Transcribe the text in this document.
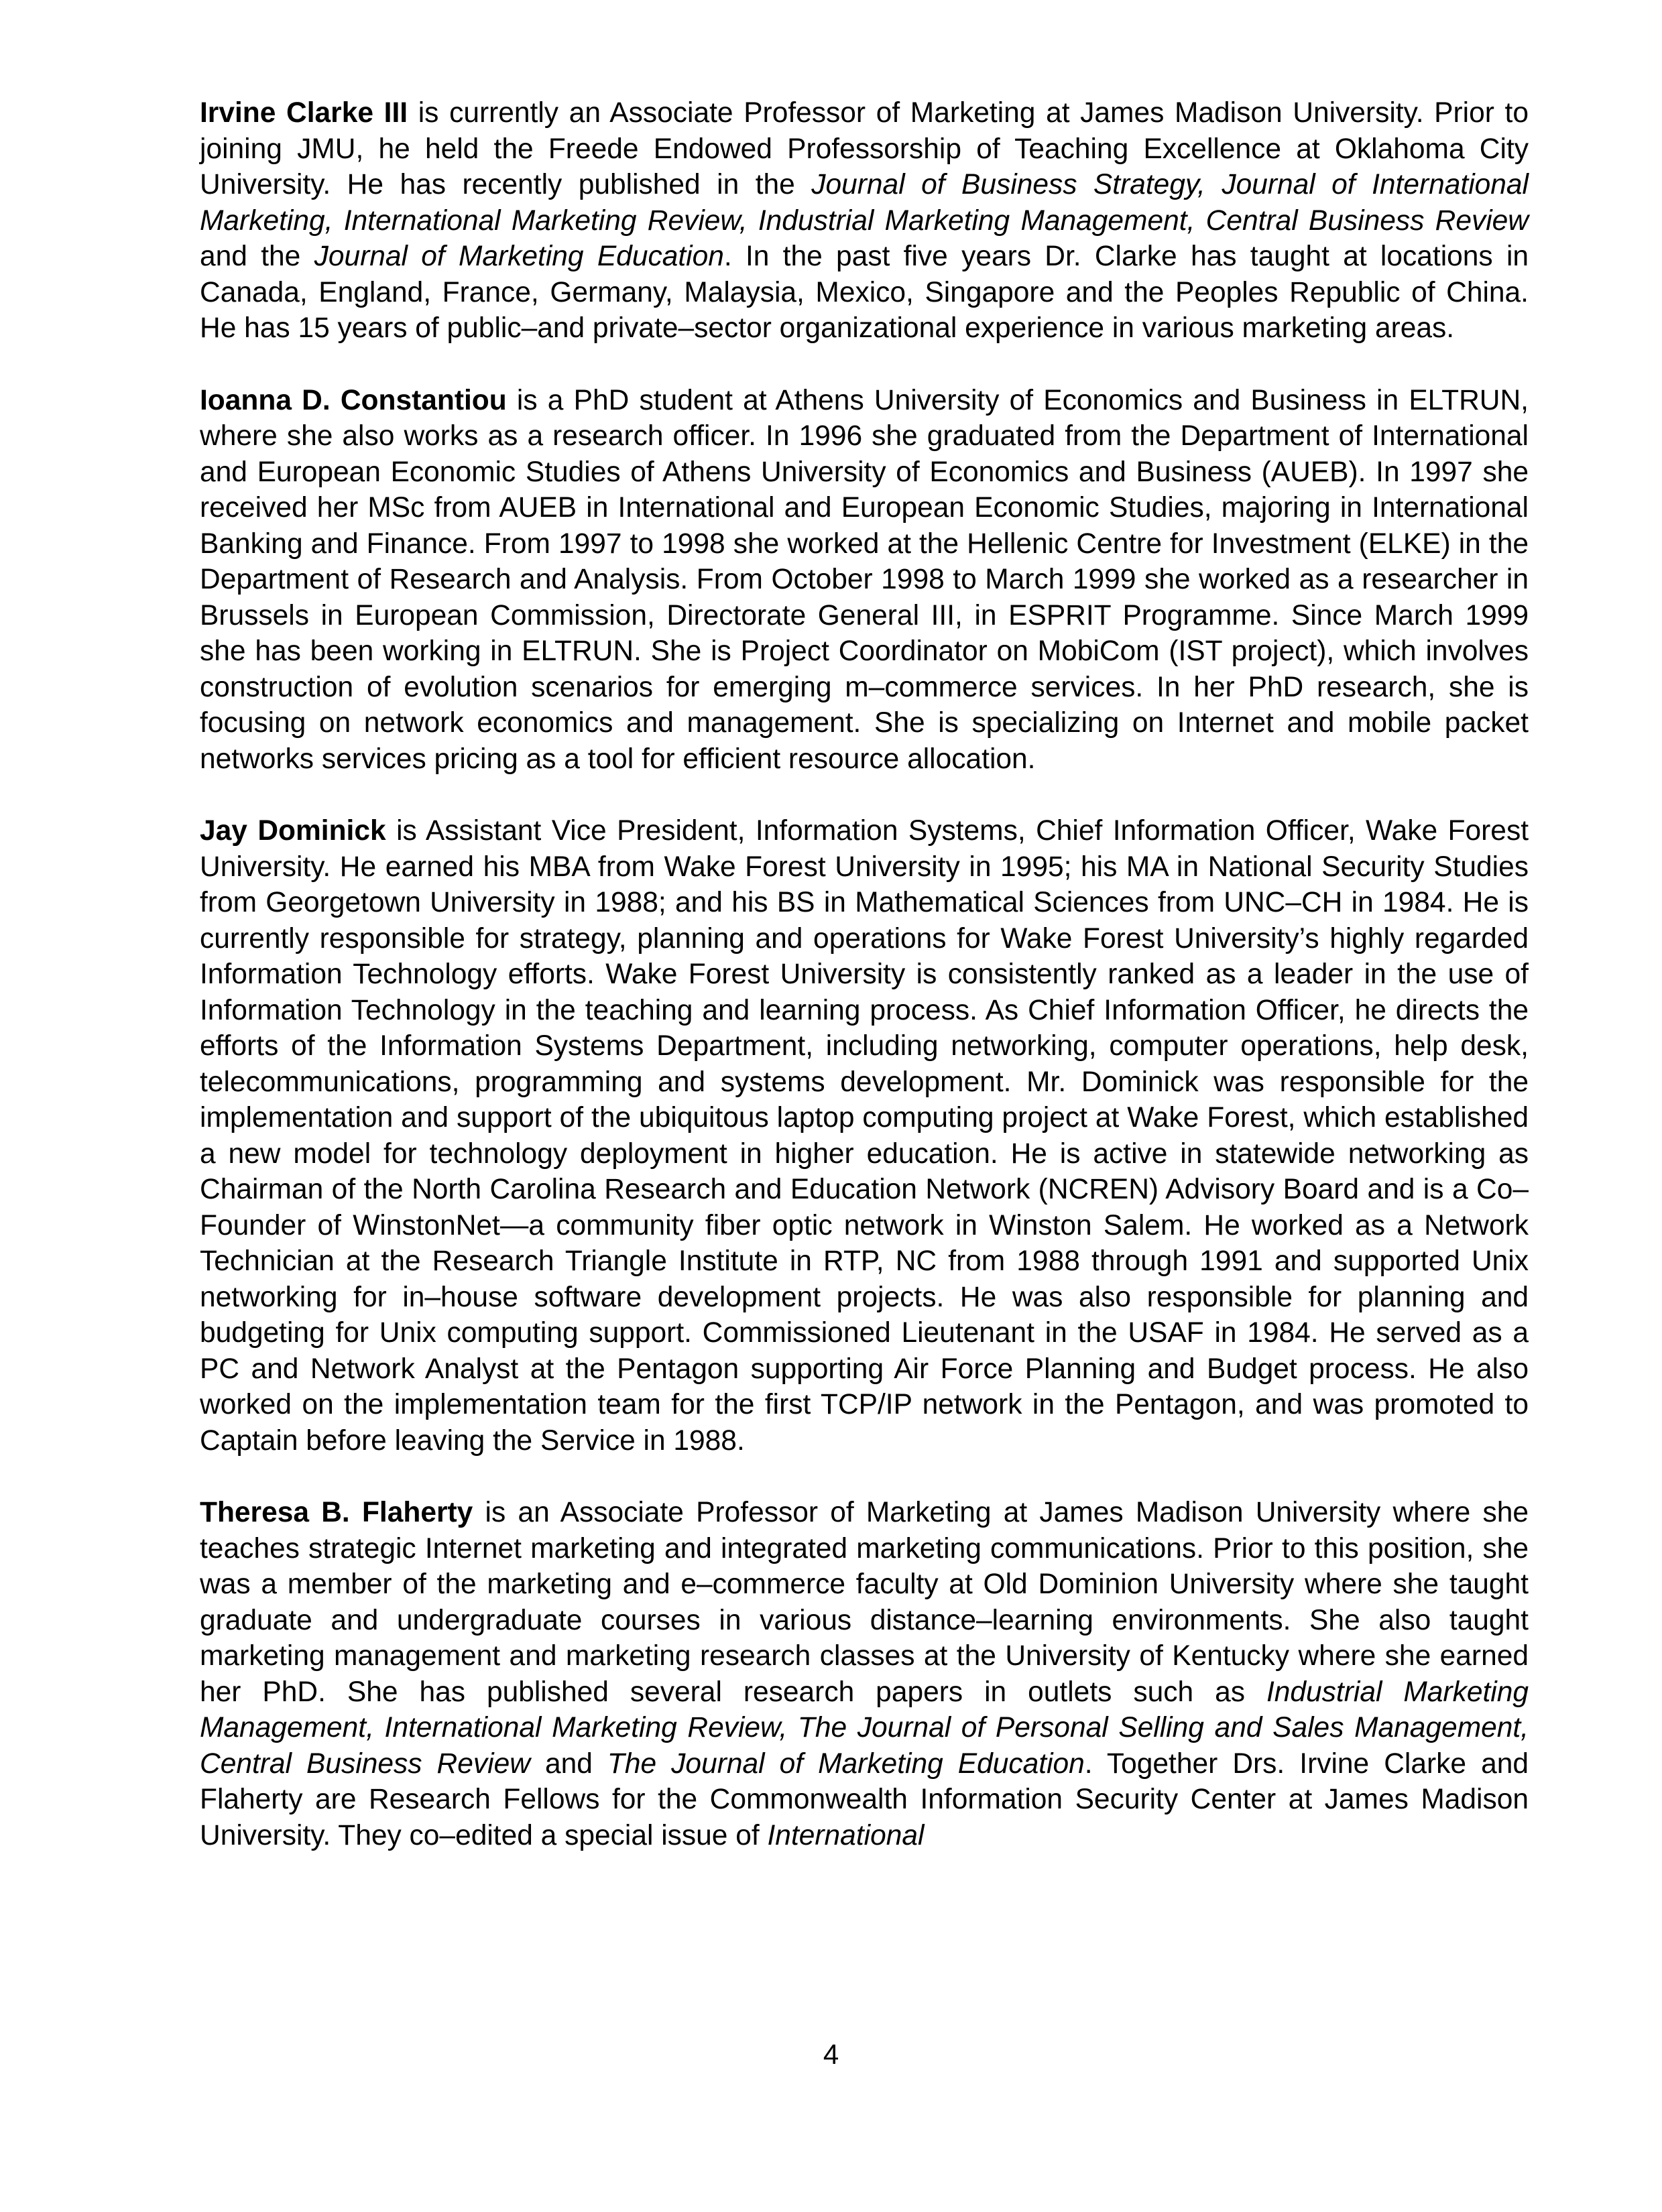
Irvine Clarke III is currently an Associate Professor of Marketing at James Madison University. Prior to joining JMU, he held the Freede Endowed Professorship of Teaching Excellence at Oklahoma City University. He has recently published in the Journal of Business Strategy, Journal of International Marketing, International Marketing Review, Industrial Marketing Management, Central Business Review and the Journal of Marketing Education. In the past five years Dr. Clarke has taught at locations in Canada, England, France, Germany, Malaysia, Mexico, Singapore and the Peoples Republic of China. He has 15 years of public–and private–sector organizational experience in various marketing areas.

Ioanna D. Constantiou is a PhD student at Athens University of Economics and Business in ELTRUN, where she also works as a research officer. In 1996 she graduated from the Department of International and European Economic Studies of Athens University of Economics and Business (AUEB). In 1997 she received her MSc from AUEB in International and European Economic Studies, majoring in International Banking and Finance. From 1997 to 1998 she worked at the Hellenic Centre for Investment (ELKE) in the Department of Research and Analysis. From October 1998 to March 1999 she worked as a researcher in Brussels in European Commission, Directorate General III, in ESPRIT Programme. Since March 1999 she has been working in ELTRUN. She is Project Coordinator on MobiCom (IST project), which involves construction of evolution scenarios for emerging m–commerce services. In her PhD research, she is focusing on network economics and management. She is specializing on Internet and mobile packet networks services pricing as a tool for efficient resource allocation.

Jay Dominick is Assistant Vice President, Information Systems, Chief Information Officer, Wake Forest University. He earned his MBA from Wake Forest University in 1995; his MA in National Security Studies from Georgetown University in 1988; and his BS in Mathematical Sciences from UNC–CH in 1984. He is currently responsible for strategy, planning and operations for Wake Forest University’s highly regarded Information Technology efforts. Wake Forest University is consistently ranked as a leader in the use of Information Technology in the teaching and learning process. As Chief Information Officer, he directs the efforts of the Information Systems Department, including networking, computer operations, help desk, telecommunications, programming and systems development. Mr. Dominick was responsible for the implementation and support of the ubiquitous laptop computing project at Wake Forest, which established a new model for technology deployment in higher education. He is active in statewide networking as Chairman of the North Carolina Research and Education Network (NCREN) Advisory Board and is a Co–Founder of WinstonNet—a community fiber optic network in Winston Salem. He worked as a Network Technician at the Research Triangle Institute in RTP, NC from 1988 through 1991 and supported Unix networking for in–house software development projects. He was also responsible for planning and budgeting for Unix computing support. Commissioned Lieutenant in the USAF in 1984. He served as a PC and Network Analyst at the Pentagon supporting Air Force Planning and Budget process. He also worked on the implementation team for the first TCP/IP network in the Pentagon, and was promoted to Captain before leaving the Service in 1988.

Theresa B. Flaherty is an Associate Professor of Marketing at James Madison University where she teaches strategic Internet marketing and integrated marketing communications. Prior to this position, she was a member of the marketing and e–commerce faculty at Old Dominion University where she taught graduate and undergraduate courses in various distance–learning environments. She also taught marketing management and marketing research classes at the University of Kentucky where she earned her PhD. She has published several research papers in outlets such as Industrial Marketing Management, International Marketing Review, The Journal of Personal Selling and Sales Management, Central Business Review and The Journal of Marketing Education. Together Drs. Irvine Clarke and Flaherty are Research Fellows for the Commonwealth Information Security Center at James Madison University. They co–edited a special issue of International

4
